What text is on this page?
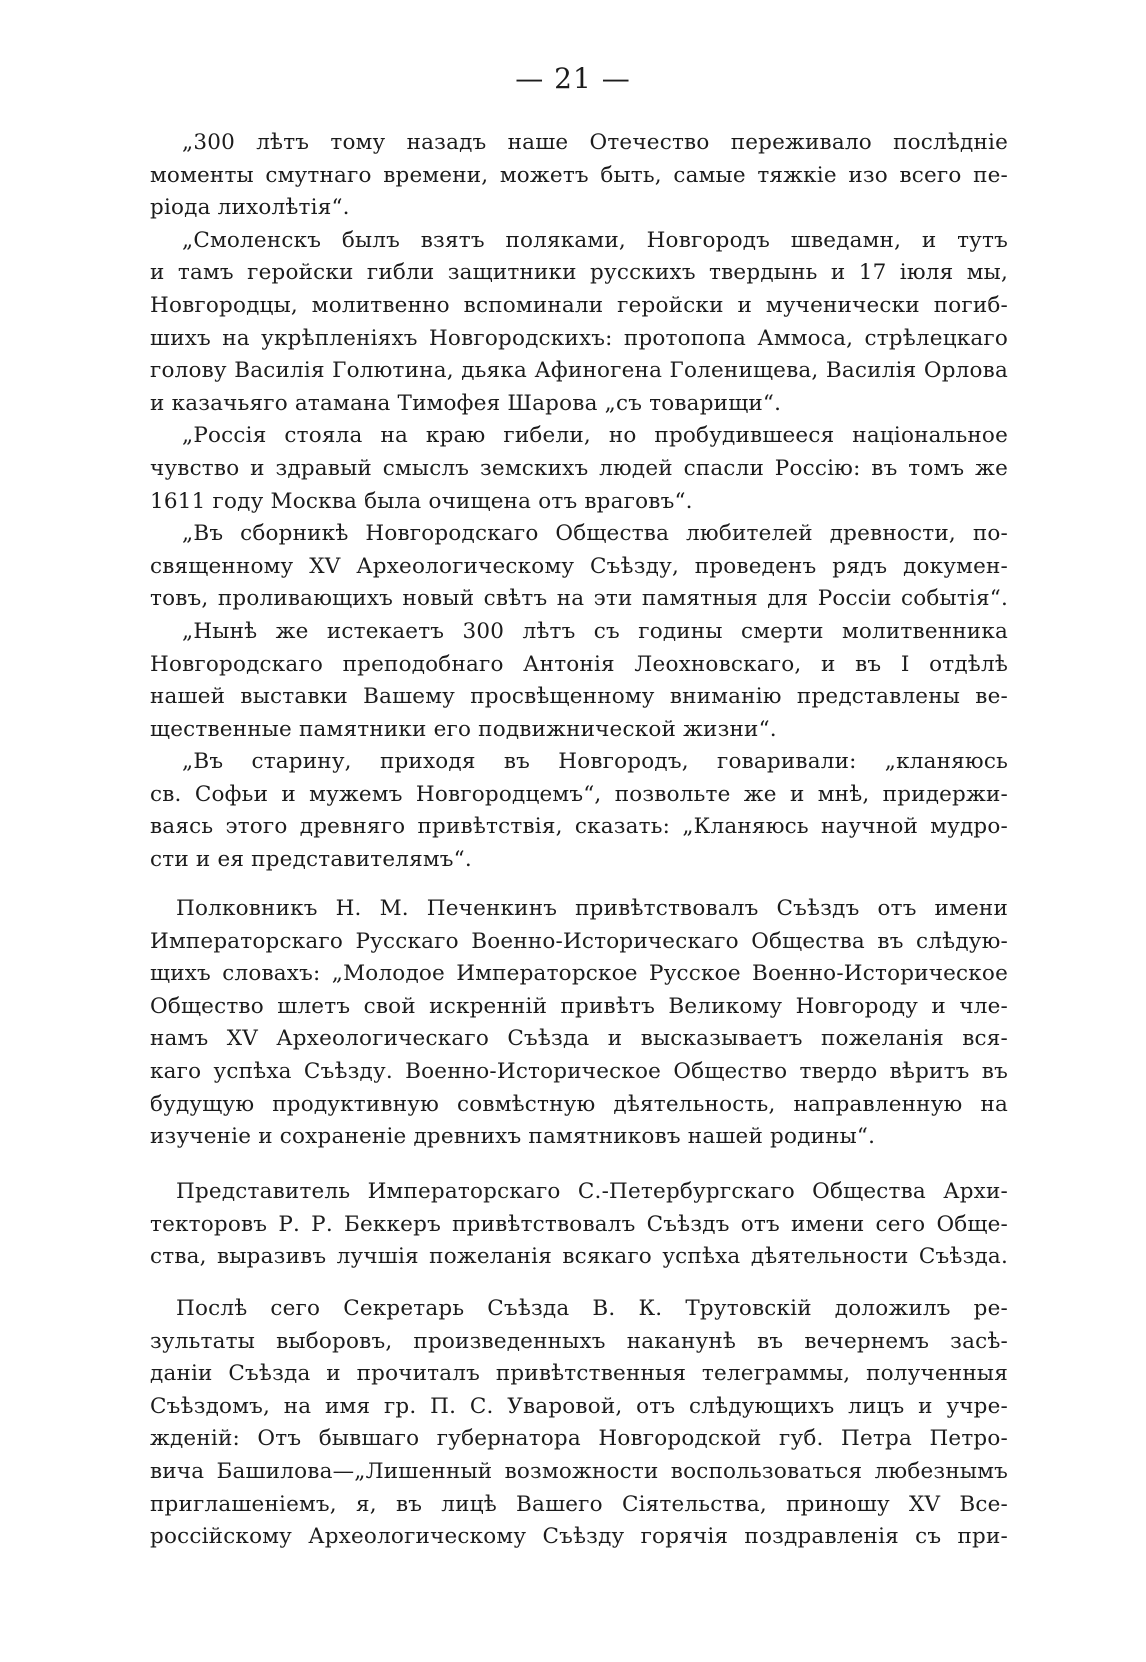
— 21 —
„300 лѣтъ тому назадъ наше Отечество переживало послѣднiе
моменты смутнаго времени, можетъ быть, самые тяжкiе изо всего пе-
рiода лихолѣтiя“.
„Смоленскъ былъ взятъ поляками, Новгородъ шведамн, и тутъ
и тамъ геройски гибли защитники русскихъ твердынь и 17 iюля мы,
Новгородцы, молитвенно вспоминали геройски и мученически погиб-
шихъ на укрѣпленiяхъ Новгородскихъ: протопопа Аммоса, стрѣлецкаго
голову Василiя Голютина, дьяка Афиногена Голенищева, Василiя Орлова
и казачьяго атамана Тимофея Шарова „съ товарищи“.
„Россiя стояла на краю гибели, но пробудившееся нацiональное
чувство и здравый смыслъ земскихъ людей спасли Россiю: въ томъ же
1611 году Москва была очищена отъ враговъ“.
„Въ сборникѣ Новгородскаго Общества любителей древности, по-
священному XV Археологическому Съѣзду, проведенъ рядъ докумен-
товъ, проливающихъ новый свѣтъ на эти памятныя для Россiи событiя“.
„Нынѣ же истекаетъ 300 лѣтъ съ годины смерти молитвенника
Новгородскаго преподобнаго Антонiя Леохновскаго, и въ I отдѣлѣ
нашей выставки Вашему просвѣщенному вниманiю представлены ве-
щественные памятники его подвижнической жизни“.
„Въ старину, приходя въ Новгородъ, говаривали: „кланяюсь
св. Софьи и мужемъ Новгородцемъ“, позвольте же и мнѣ, придержи-
ваясь этого древняго привѣтствiя, сказать: „Кланяюсь научной мудро-
сти и ея представителямъ“.
Полковникъ Н. М. Печенкинъ привѣтствовалъ Съѣздъ отъ имени
Императорскаго Русскаго Военно-Историческаго Общества въ слѣдую-
щихъ словахъ: „Молодое Императорское Русское Военно-Историческое
Общество шлетъ свой искреннiй привѣтъ Великому Новгороду и чле-
намъ XV Археологическаго Съѣзда и высказываетъ пожеланiя вся-
каго успѣха Съѣзду. Военно-Историческое Общество твердо вѣритъ въ
будущую продуктивную совмѣстную дѣятельность, направленную на
изученiе и сохраненiе древнихъ памятниковъ нашей родины“.
Представитель Императорскаго С.-Петербургскаго Общества Архи-
текторовъ Р. Р. Беккеръ привѣтствовалъ Съѣздъ отъ имени сего Обще-
ства, выразивъ лучшiя пожеланiя всякаго успѣха дѣятельности Съѣзда.
Послѣ сего Секретарь Съѣзда В. К. Трутовскiй доложилъ ре-
зультаты выборовъ, произведенныхъ наканунѣ въ вечернемъ засѣ-
данiи Съѣзда и прочиталъ привѣтственныя телеграммы, полученныя
Съѣздомъ, на имя гр. П. С. Уваровой, отъ слѣдующихъ лицъ и учре-
жденiй: Отъ бывшаго губернатора Новгородской губ. Петра Петро-
вича Башилова—„Лишенный возможности воспользоваться любезнымъ
приглашенiемъ, я, въ лицѣ Вашего Сiятельства, приношу XV Все-
россiйскому Археологическому Съѣзду горячiя поздравленiя съ при-
